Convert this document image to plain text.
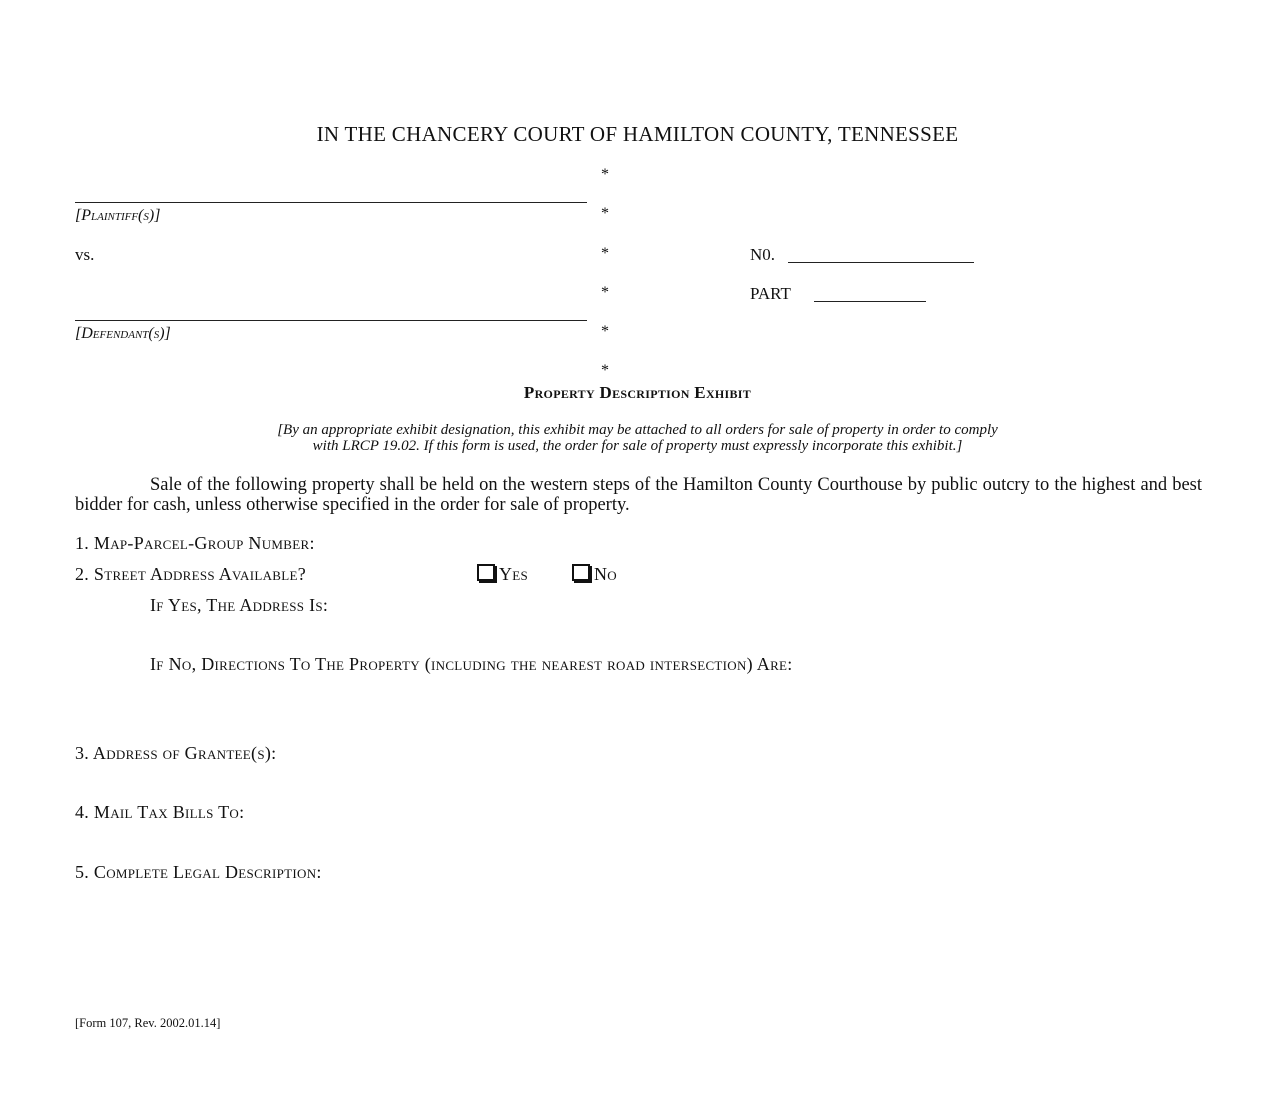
IN THE CHANCERY COURT OF HAMILTON COUNTY, TENNESSEE
*
*
*
*
*
*
[Plaintiff(s)]
vs.
[Defendant(s)]
N0.
PART
Property Description Exhibit
[By an appropriate exhibit designation, this exhibit may be attached to all orders for sale of property in order to comply
with LRCP 19.02. If this form is used, the order for sale of property must expressly incorporate this exhibit.]
Sale of the following property shall be held on the western steps of the Hamilton County Courthouse by public outcry to the highest and best bidder for cash, unless otherwise specified in the order for sale of property.
1. Map-Parcel-Group Number:
2. Street Address Available?	Yes	No
If Yes, The Address Is:
If No, Directions To The Property (including the nearest road intersection) Are:
3. Address of Grantee(s):
4. Mail Tax Bills To:
5. Complete Legal Description:
[Form 107, Rev. 2002.01.14]
